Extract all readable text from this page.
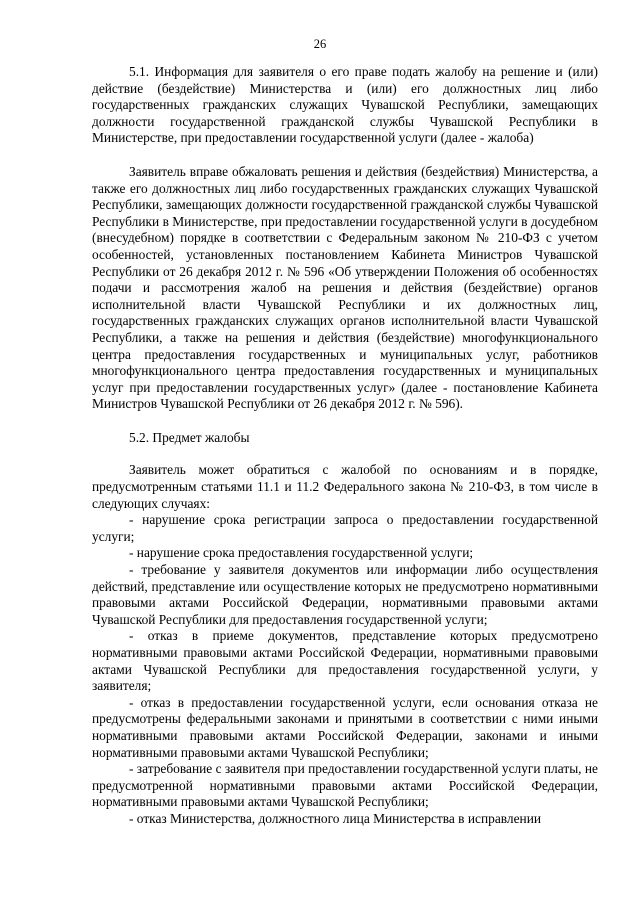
26

5.1. Информация для заявителя о его праве подать жалобу на решение и (или) действие (бездействие) Министерства и (или) его должностных лиц либо государственных гражданских служащих Чувашской Республики, замещающих должности государственной гражданской службы Чувашской Республики в Министерстве, при предоставлении государственной услуги (далее - жалоба)

Заявитель вправе обжаловать решения и действия (бездействия) Министерства, а также его должностных лиц либо государственных гражданских служащих Чувашской Республики, замещающих должности государственной гражданской службы Чувашской Республики в Министерстве, при предоставлении государственной услуги в досудебном (внесудебном) порядке в соответствии с Федеральным законом № 210-ФЗ с учетом особенностей, установленных постановлением Кабинета Министров Чувашской Республики от 26 декабря 2012 г. № 596 «Об утверждении Положения об особенностях подачи и рассмотрения жалоб на решения и действия (бездействие) органов исполнительной власти Чувашской Республики и их должностных лиц, государственных гражданских служащих органов исполнительной власти Чувашской Республики, а также на решения и действия (бездействие) многофункционального центра предоставления государственных и муниципальных услуг, работников многофункционального центра предоставления государственных и муниципальных услуг при предоставлении государственных услуг» (далее - постановление Кабинета Министров Чувашской Республики от 26 декабря 2012 г. № 596).

5.2. Предмет жалобы

Заявитель может обратиться с жалобой по основаниям и в порядке, предусмотренным статьями 11.1 и 11.2 Федерального закона № 210-ФЗ, в том числе в следующих случаях:

- нарушение срока регистрации запроса о предоставлении государственной услуги;

- нарушение срока предоставления государственной услуги;

- требование у заявителя документов или информации либо осуществления действий, представление или осуществление которых не предусмотрено нормативными правовыми актами Российской Федерации, нормативными правовыми актами Чувашской Республики для предоставления государственной услуги;

- отказ в приеме документов, представление которых предусмотрено нормативными правовыми актами Российской Федерации, нормативными правовыми актами Чувашской Республики для предоставления государственной услуги, у заявителя;

- отказ в предоставлении государственной услуги, если основания отказа не предусмотрены федеральными законами и принятыми в соответствии с ними иными нормативными правовыми актами Российской Федерации, законами и иными нормативными правовыми актами Чувашской Республики;

- затребование с заявителя при предоставлении государственной услуги платы, не предусмотренной нормативными правовыми актами Российской Федерации, нормативными правовыми актами Чувашской Республики;

- отказ Министерства, должностного лица Министерства в исправлении
